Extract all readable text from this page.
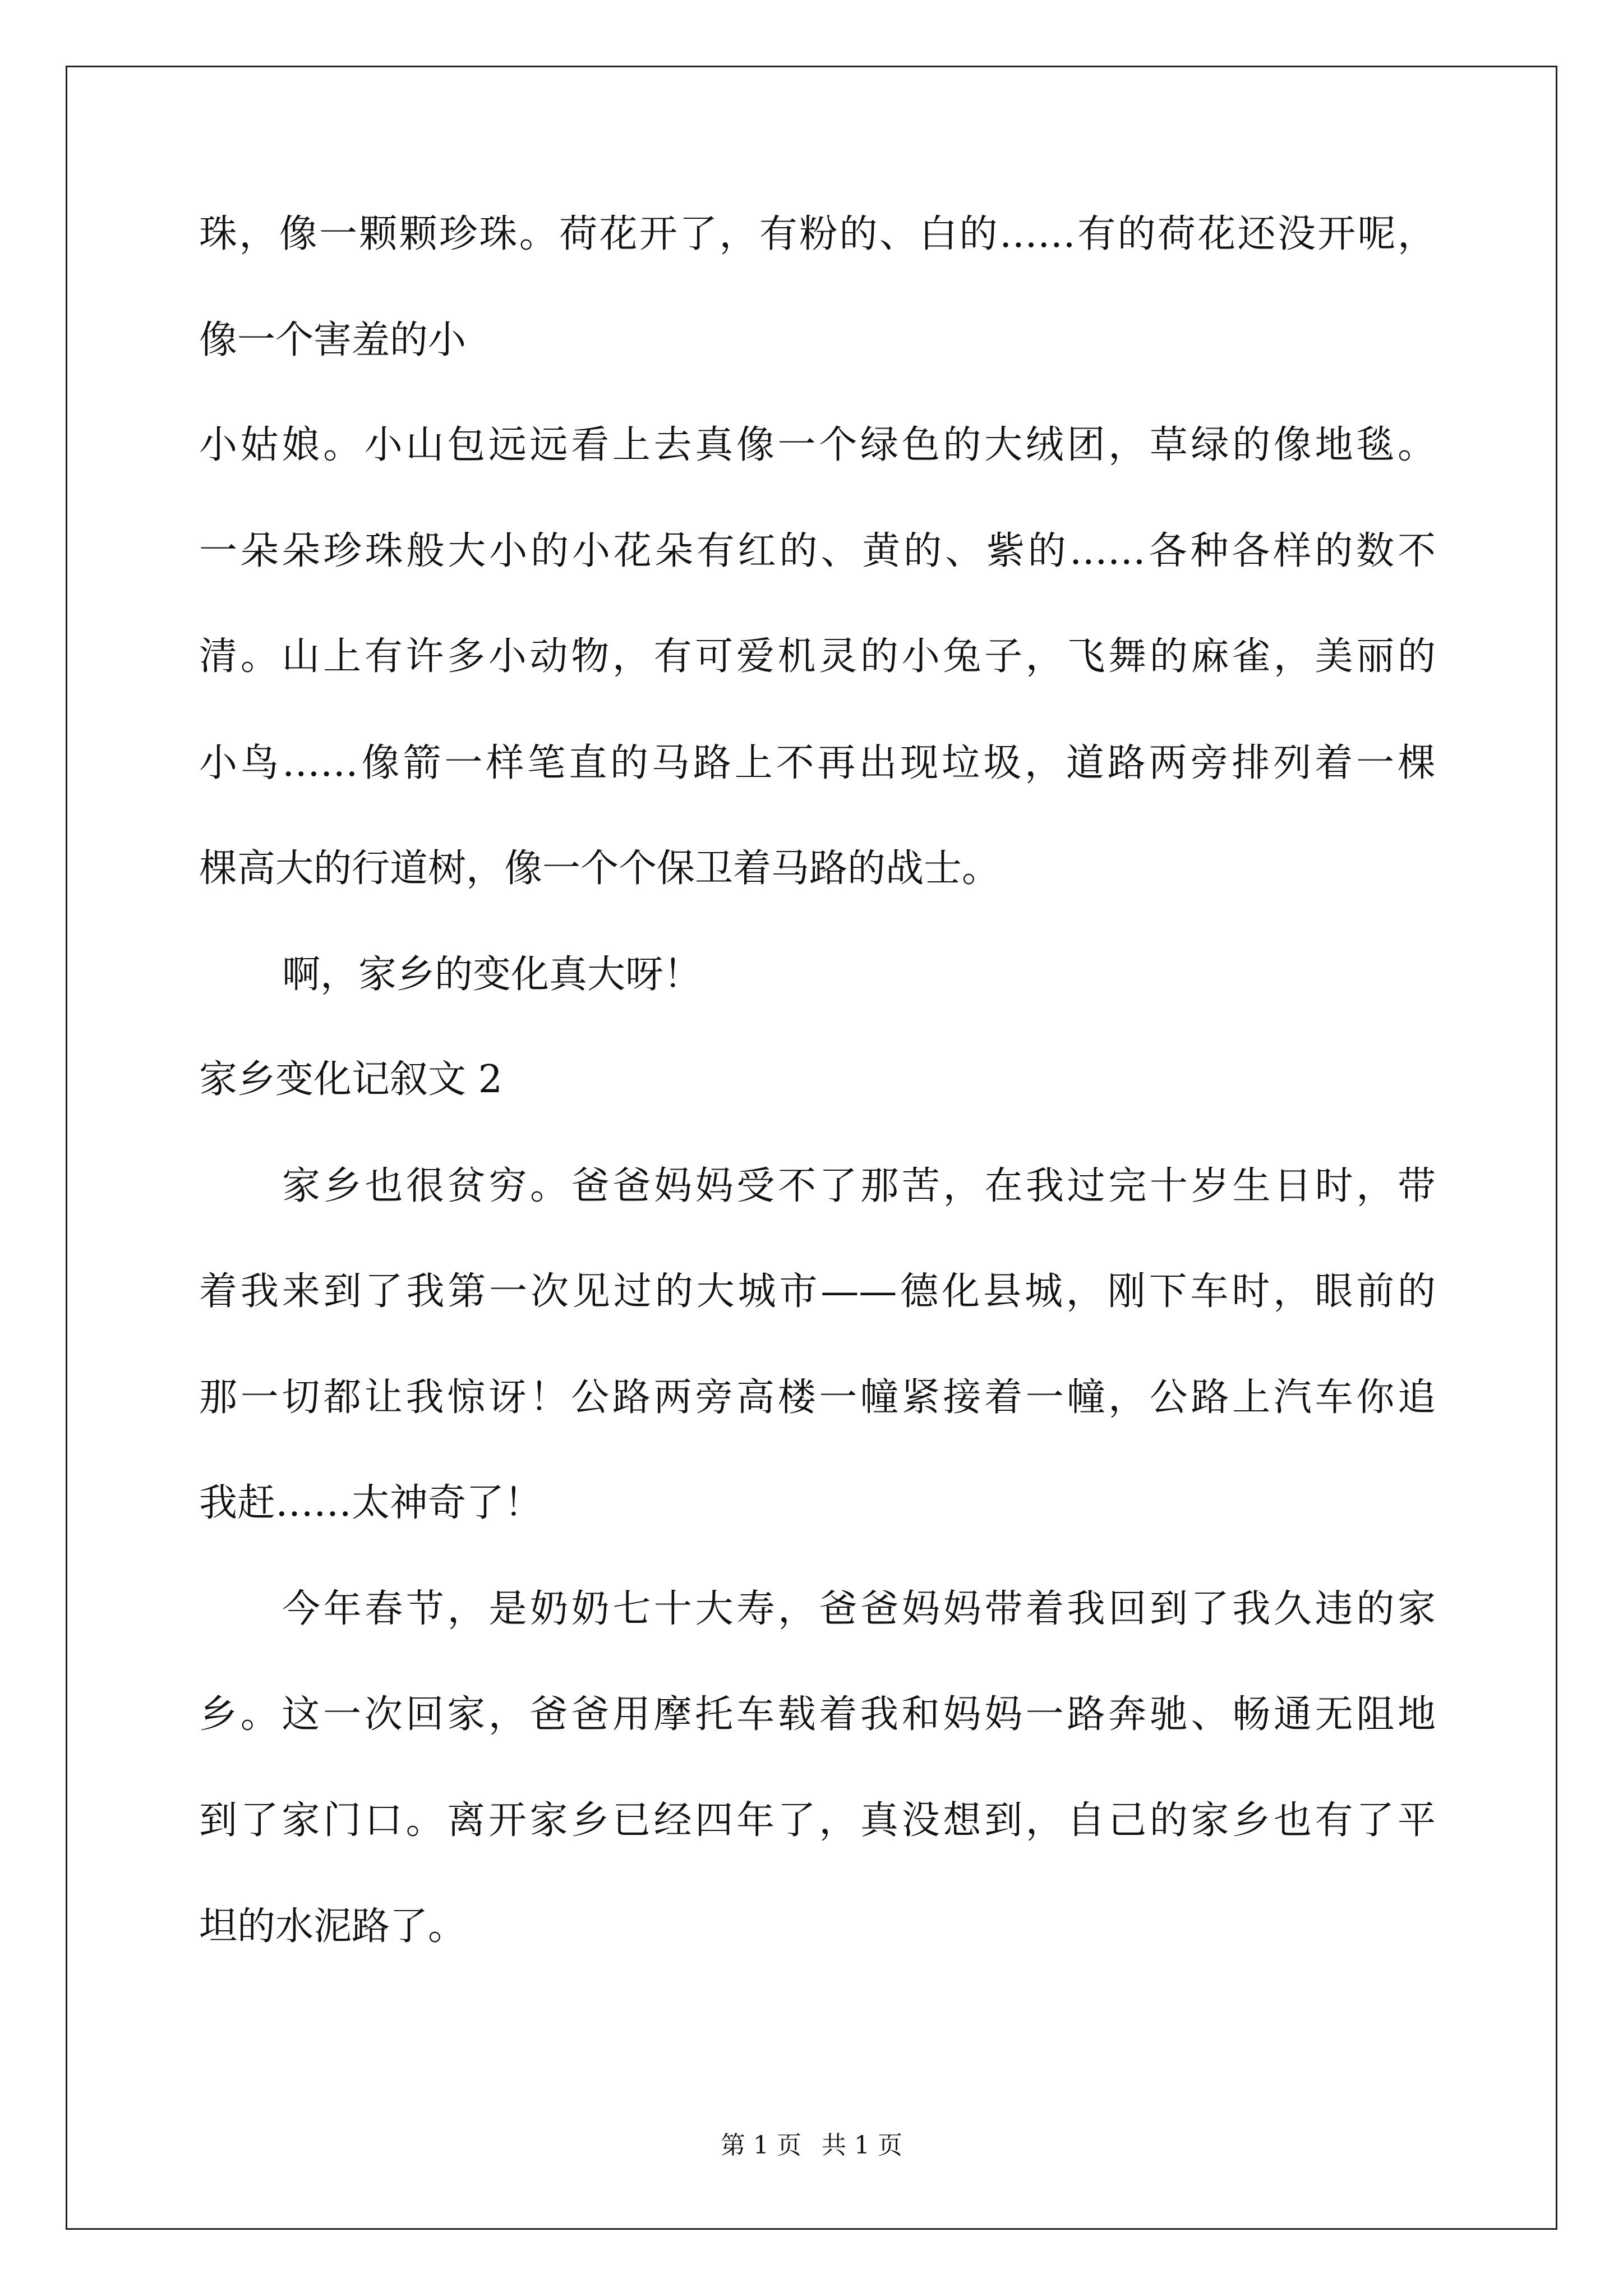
珠，像一颗颗珍珠。荷花开了，有粉的、白的……有的荷花还没开呢，
像一个害羞的小
小姑娘。小山包远远看上去真像一个绿色的大绒团，草绿的像地毯。
一朵朵珍珠般大小的小花朵有红的、黄的、紫的……各种各样的数不
清。山上有许多小动物，有可爱机灵的小兔子，飞舞的麻雀，美丽的
小鸟……像箭一样笔直的马路上不再出现垃圾，道路两旁排列着一棵
棵高大的行道树，像一个个保卫着马路的战士。
啊，家乡的变化真大呀！
家乡变化记叙文 2
家乡也很贫穷。爸爸妈妈受不了那苦，在我过完十岁生日时，带
着我来到了我第一次见过的大城市——德化县城，刚下车时，眼前的
那一切都让我惊讶！公路两旁高楼一幢紧接着一幢，公路上汽车你追
我赶……太神奇了！
今年春节，是奶奶七十大寿，爸爸妈妈带着我回到了我久违的家
乡。这一次回家，爸爸用摩托车载着我和妈妈一路奔驰、畅通无阻地
到了家门口。离开家乡已经四年了，真没想到，自己的家乡也有了平
坦的水泥路了。
第 1 页 共 1 页
